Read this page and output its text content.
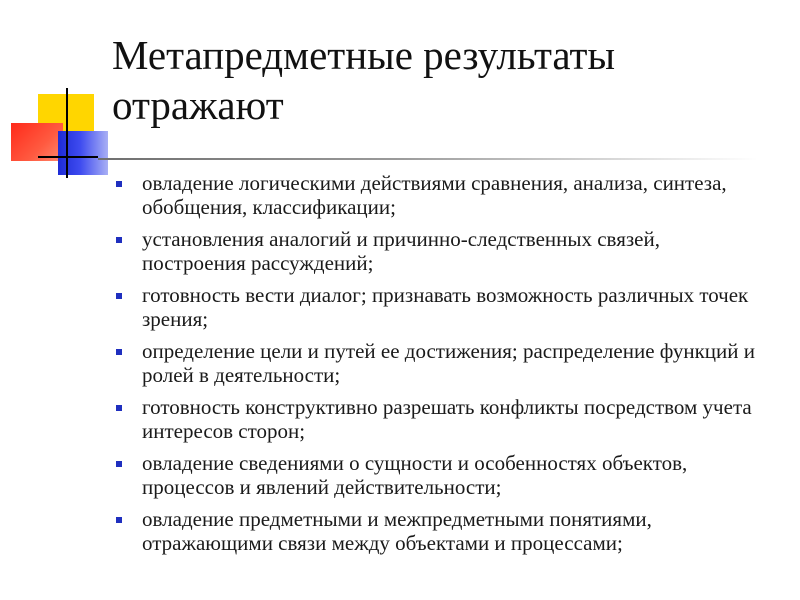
Метапредметные результаты отражают
овладение логическими действиями сравнения, анализа, синтеза, обобщения, классификации;
установления аналогий и причинно-следственных связей, построения рассуждений;
готовность вести диалог; признавать возможность различных точек зрения;
определение цели и путей ее достижения; распределение функций и ролей в деятельности;
готовность конструктивно разрешать конфликты посредством учета интересов сторон;
овладение сведениями о сущности и особенностях объектов, процессов и явлений действительности;
овладение предметными и межпредметными понятиями, отражающими связи между объектами и процессами;
